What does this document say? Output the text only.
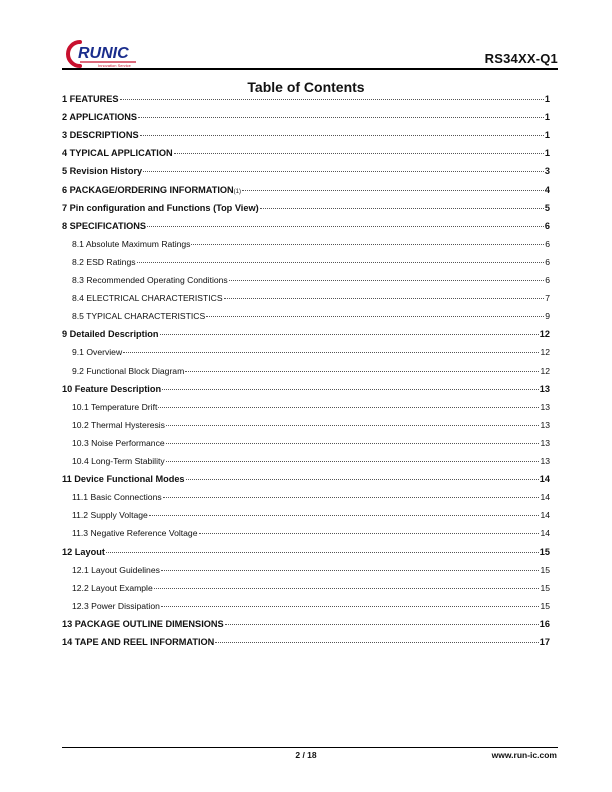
RUNIC
Innovation Service	RS34XX-Q1
Table of Contents
1 FEATURES	1
2 APPLICATIONS	1
3 DESCRIPTIONS	1
4 TYPICAL APPLICATION	1
5 Revision History	3
6 PACKAGE/ORDERING INFORMATION (1)	4
7 Pin configuration and Functions (Top View)	5
8 SPECIFICATIONS	6
8.1 Absolute Maximum Ratings	6
8.2 ESD Ratings	6
8.3 Recommended Operating Conditions	6
8.4 ELECTRICAL CHARACTERISTICS	7
8.5 TYPICAL CHARACTERISTICS	9
9 Detailed Description	12
9.1 Overview	12
9.2 Functional Block Diagram	12
10 Feature Description	13
10.1 Temperature Drift	13
10.2 Thermal Hysteresis	13
10.3 Noise Performance	13
10.4 Long-Term Stability	13
11 Device Functional Modes	14
11.1 Basic Connections	14
11.2 Supply Voltage	14
11.3 Negative Reference Voltage	14
12 Layout	15
12.1 Layout Guidelines	15
12.2 Layout Example	15
12.3 Power Dissipation	15
13 PACKAGE OUTLINE DIMENSIONS	16
14 TAPE AND REEL INFORMATION	17
2 / 18	www.run-ic.com
